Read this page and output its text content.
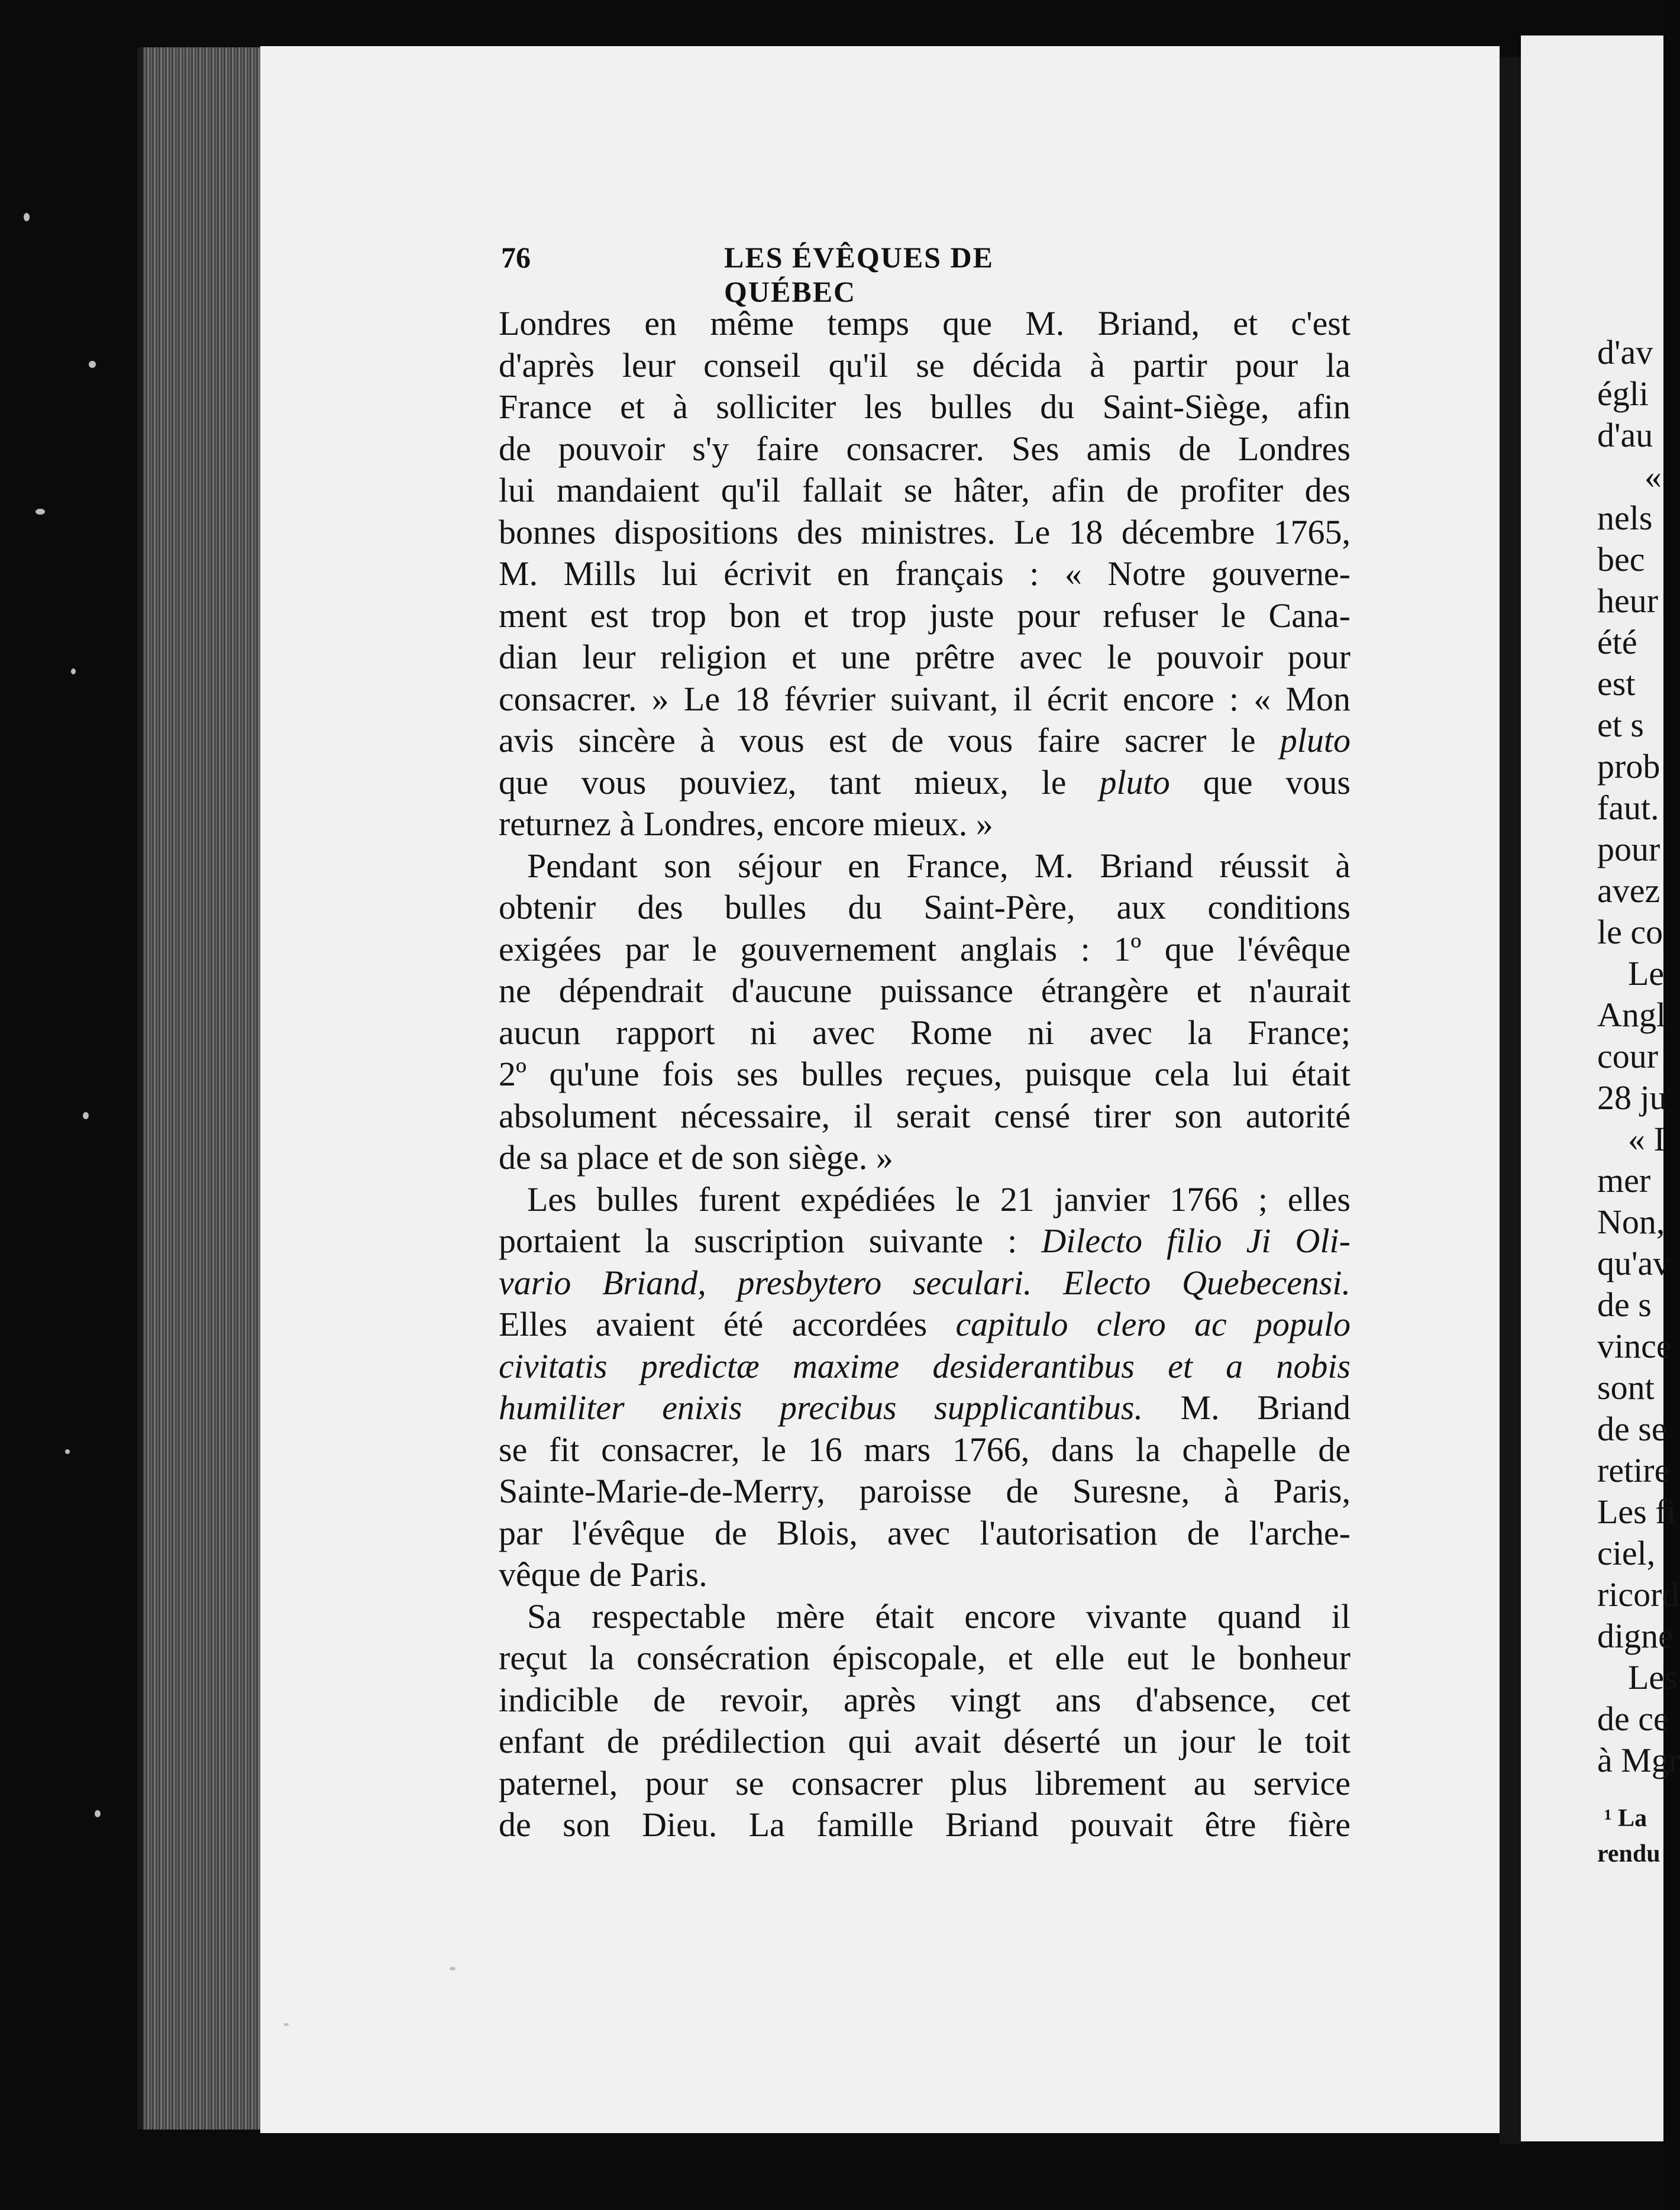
76	LES ÉVÊQUES DE QUÉBEC
Londres en même temps que M. Briand, et c'est
d'après leur conseil qu'il se décida à partir pour la
France et à solliciter les bulles du Saint-Siège, afin
de pouvoir s'y faire consacrer. Ses amis de Londres
lui mandaient qu'il fallait se hâter, afin de profiter des
bonnes dispositions des ministres. Le 18 décembre 1765,
M. Mills lui écrivit en français : « Notre gouverne-
ment est trop bon et trop juste pour refuser le Cana-
dian leur religion et une prêtre avec le pouvoir pour
consacrer. » Le 18 février suivant, il écrit encore : « Mon
avis sincère à vous est de vous faire sacrer le pluto
que vous pouviez, tant mieux, le pluto que vous
returnez à Londres, encore mieux. »
Pendant son séjour en France, M. Briand réussit à
obtenir des bulles du Saint-Père, aux conditions
exigées par le gouvernement anglais : 1º que l'évêque
ne dépendrait d'aucune puissance étrangère et n'aurait
aucun rapport ni avec Rome ni avec la France;
2º qu'une fois ses bulles reçues, puisque cela lui était
absolument nécessaire, il serait censé tirer son autorité
de sa place et de son siège. »
Les bulles furent expédiées le 21 janvier 1766 ; elles
portaient la suscription suivante : Dilecto filio Ji Oli-
vario Briand, presbytero seculari. Electo Quebecensi.
Elles avaient été accordées capitulo clero ac populo
civitatis predictæ maxime desiderantibus et a nobis
humiliter enixis precibus supplicantibus. M. Briand
se fit consacrer, le 16 mars 1766, dans la chapelle de
Sainte-Marie-de-Merry, paroisse de Suresne, à Paris,
par l'évêque de Blois, avec l'autorisation de l'arche-
vêque de Paris.
Sa respectable mère était encore vivante quand il
reçut la consécration épiscopale, et elle eut le bonheur
indicible de revoir, après vingt ans d'absence, cet
enfant de prédilection qui avait déserté un jour le toit
paternel, pour se consacrer plus librement au service
de son Dieu. La famille Briand pouvait être fière
d'av
égli
d'au
«
nels
bec
heur
été
est
et s
prob
faut.
pour
avez
le co
Le
Angl
cour
28 ju
« I
mer
Non,
qu'av
de s
vince
sont
de se
retire
Les fi
ciel,
ricord
digne
Les
de ce
à Mgr
¹ La
rendu
